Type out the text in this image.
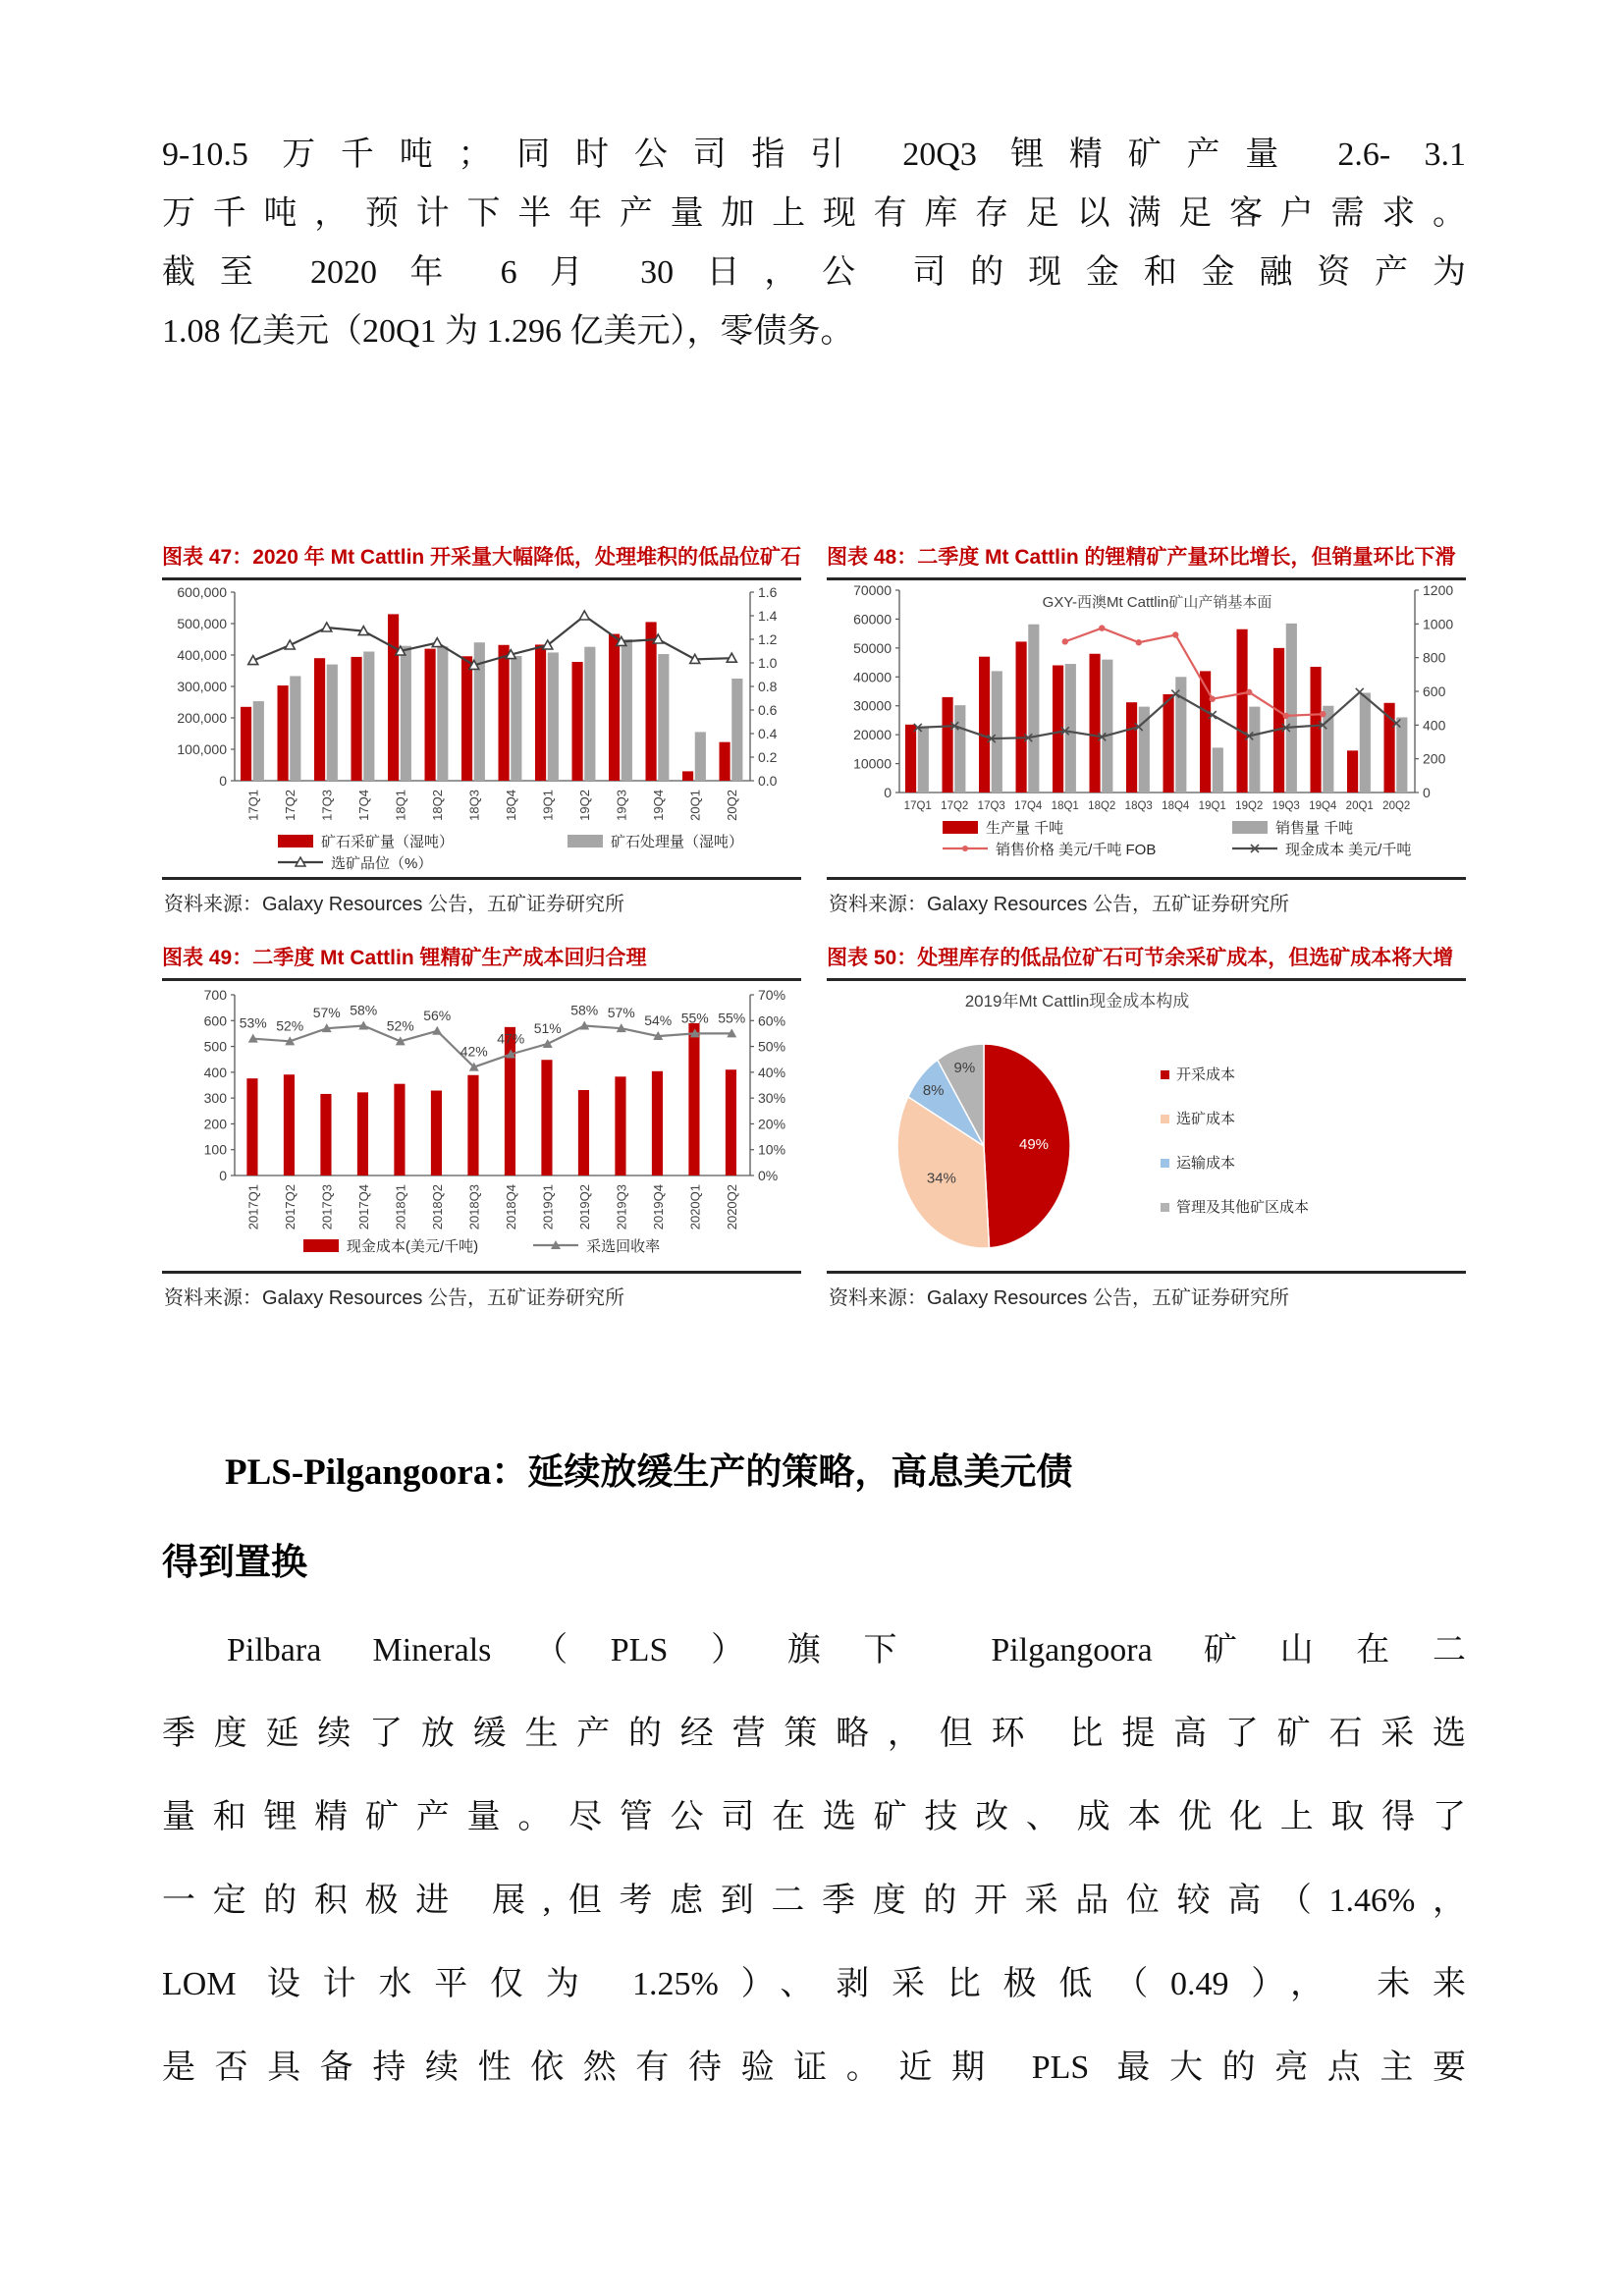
9-10.5 万千吨；同时公司指引 20Q3 锂精矿产量 2.6- 3.1
万千吨，预计下半年产量加上现有库存足以满足客户需求。
截至 2020 年 6 月 30 日，公 司的现金和金融资产为
1.08 亿美元（20Q1 为 1.296 亿美元），零债务。
图表 47：2020 年 Mt Cattlin 开采量大幅降低，处理堆积的低品位矿石
0
100,000
200,000
300,000
400,000
500,000
600,000
0.0
0.2
0.4
0.6
0.8
1.0
1.2
1.4
1.6
17Q1 17Q2 17Q3 17Q4 18Q1 18Q2 18Q3 18Q4 19Q1 19Q2 19Q3 19Q4 20Q1 20Q2
矿石采矿量（湿吨）	矿石处理量（湿吨）
选矿品位（%）
资料来源：Galaxy Resources 公告，五矿证券研究所
图表 48：二季度 Mt Cattlin 的锂精矿产量环比增长，但销量环比下滑
0
10000
20000
30000
40000
50000
60000
70000
0
200
400
600
800
1000
1200
17Q1 17Q2 17Q3 17Q4 18Q1 18Q2 18Q3 18Q4 19Q1 19Q2 19Q3 19Q4 20Q1 20Q2
GXY-西澳Mt Cattlin矿山产销基本面
生产量 千吨	销售量 千吨
销售价格 美元/千吨 FOB	现金成本 美元/千吨
资料来源：Galaxy Resources 公告，五矿证券研究所
图表 49：二季度 Mt Cattlin 锂精矿生产成本回归合理
0
100
200
300
400
500
600
700
0%
10%
20%
30%
40%
50%
60%
70%
53% 52%
57% 58%
52%
56%
42%
47%
51%
58% 57% 54% 55% 55%
2017Q1 2017Q2 2017Q3 2017Q4 2018Q1 2018Q2 2018Q3 2018Q4 2019Q1 2019Q2 2019Q3 2019Q4 2020Q1 2020Q2
现金成本(美元/千吨)	采选回收率
资料来源：Galaxy Resources 公告，五矿证券研究所
图表 50：处理库存的低品位矿石可节余采矿成本，但选矿成本将大增
2019年Mt Cattlin现金成本构成
49%
34%
8%
9%	开采成本
选矿成本
运输成本
管理及其他矿区成本
资料来源：Galaxy Resources 公告，五矿证券研究所
PLS-Pilgangoora：延续放缓生产的策略，高息美元债
得到置换
Pilbara Minerals（PLS）旗下 Pilgangoora 矿山在二
季度延续了放缓生产的经营策略，但环 比提高了矿石采选
量和锂精矿产量。尽管公司在选矿技改、成本优化上取得了
一定的积极进 展,但考虑到二季度的开采品位较高（1.46%，
LOM 设计水平仅为 1.25%）、剥采比极低（0.49）， 未来
是否具备持续性依然有待验证。近期 PLS 最大的亮点主要
